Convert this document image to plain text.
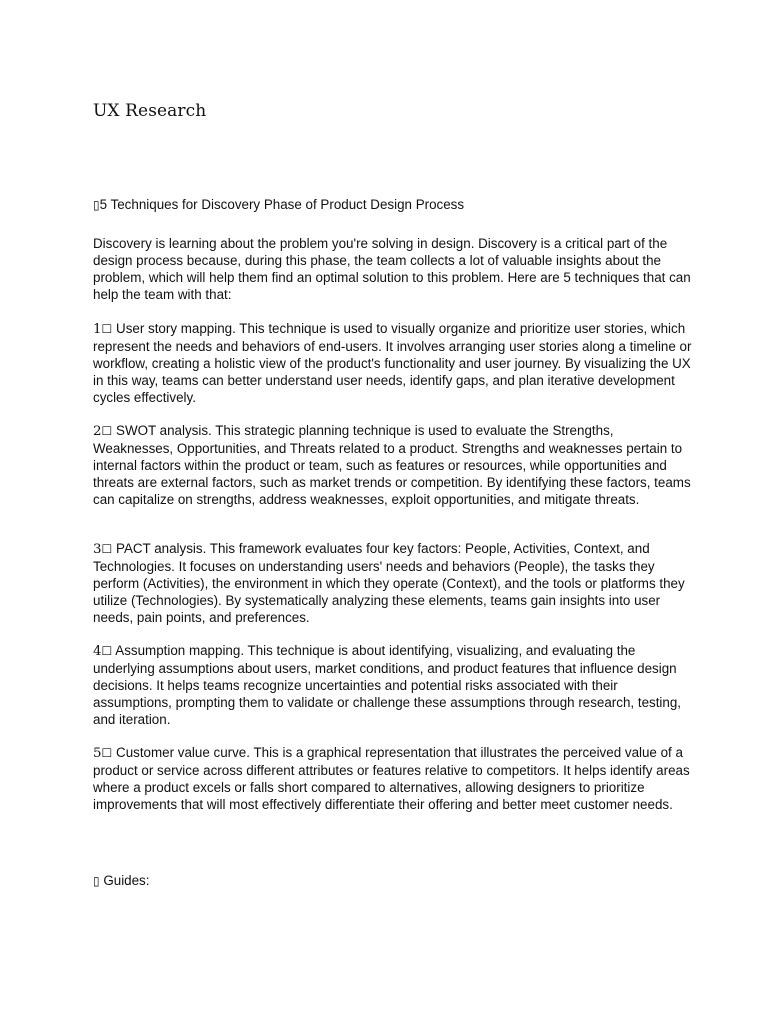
UX Research

▯5 Techniques for Discovery Phase of Product Design Process

Discovery is learning about the problem you're solving in design. Discovery is a critical part of the design process because, during this phase, the team collects a lot of valuable insights about the problem, which will help them find an optimal solution to this problem. Here are 5 techniques that can help the team with that:

1☐ User story mapping. This technique is used to visually organize and prioritize user stories, which represent the needs and behaviors of end-users. It involves arranging user stories along a timeline or workflow, creating a holistic view of the product's functionality and user journey. By visualizing the UX in this way, teams can better understand user needs, identify gaps, and plan iterative development cycles effectively.

2☐ SWOT analysis. This strategic planning technique is used to evaluate the Strengths, Weaknesses, Opportunities, and Threats related to a product. Strengths and weaknesses pertain to internal factors within the product or team, such as features or resources, while opportunities and threats are external factors, such as market trends or competition. By identifying these factors, teams can capitalize on strengths, address weaknesses, exploit opportunities, and mitigate threats.

3☐ PACT analysis. This framework evaluates four key factors: People, Activities, Context, and Technologies. It focuses on understanding users' needs and behaviors (People), the tasks they perform (Activities), the environment in which they operate (Context), and the tools or platforms they utilize (Technologies). By systematically analyzing these elements, teams gain insights into user needs, pain points, and preferences.

4☐ Assumption mapping. This technique is about identifying, visualizing, and evaluating the underlying assumptions about users, market conditions, and product features that influence design decisions. It helps teams recognize uncertainties and potential risks associated with their assumptions, prompting them to validate or challenge these assumptions through research, testing, and iteration.

5☐ Customer value curve. This is a graphical representation that illustrates the perceived value of a product or service across different attributes or features relative to competitors. It helps identify areas where a product excels or falls short compared to alternatives, allowing designers to prioritize improvements that will most effectively differentiate their offering and better meet customer needs.

▯ Guides:
